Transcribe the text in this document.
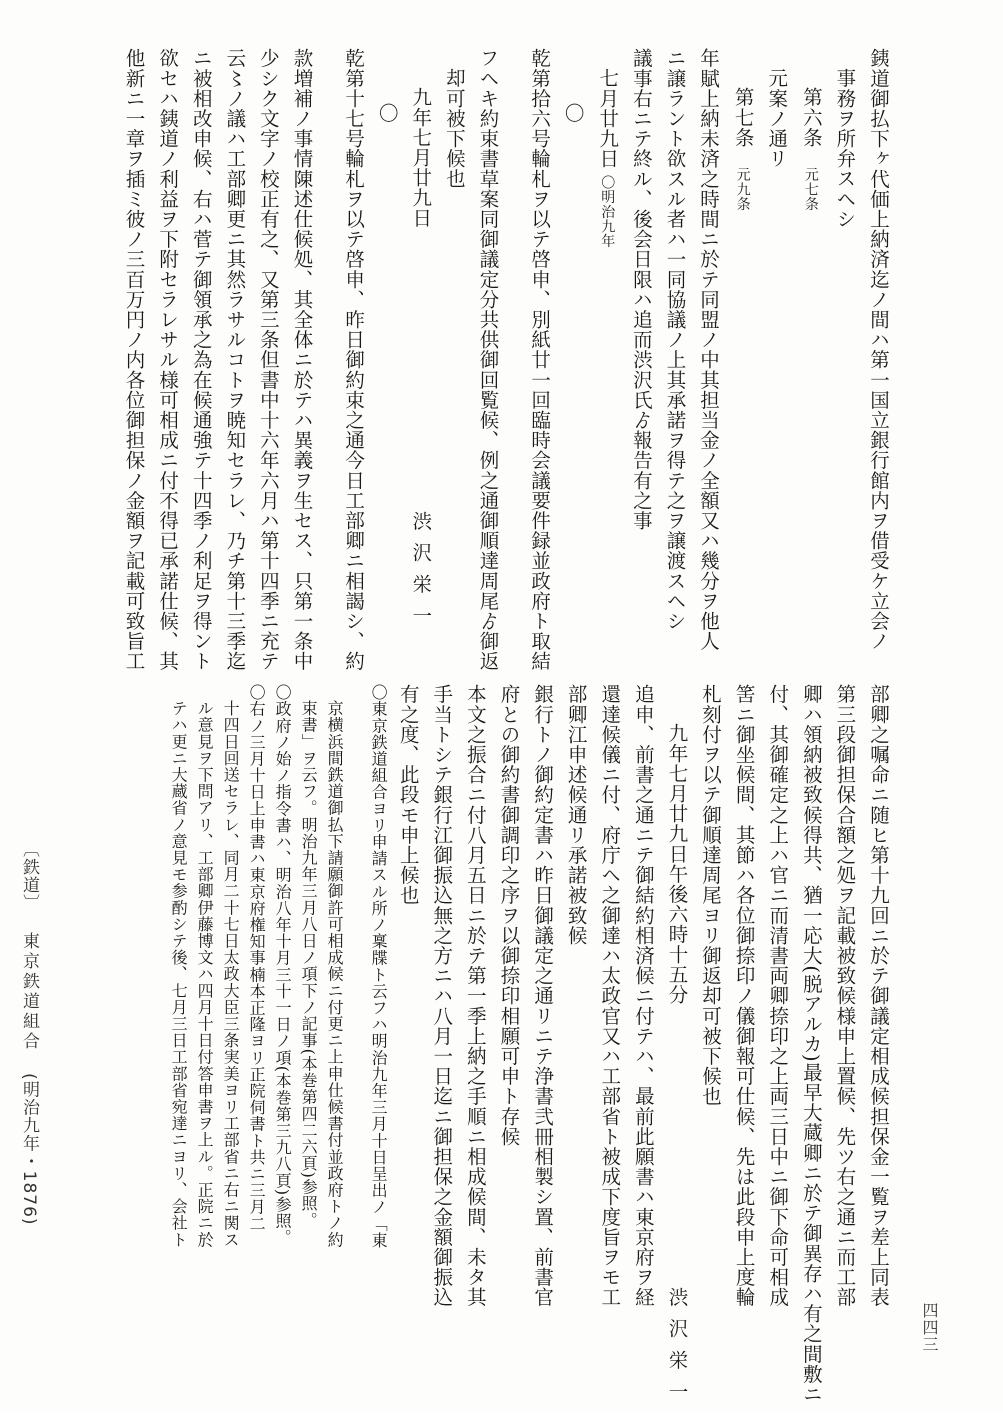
銕道御払下ヶ代価上納済迄ノ間ハ第一国立銀行館内ヲ借受ケ立会ノ
事務ヲ所弁スヘシ
第六条　元七条
元案ノ通リ
第七条　元九条
年賦上納未済之時間ニ於テ同盟ノ中其担当金ノ全額又ハ幾分ヲ他人
ニ譲ラント欲スル者ハ一同協議ノ上其承諾ヲ得テ之ヲ譲渡スヘシ
議事右ニテ終ル、後会日限ハ追而渋沢氏ゟ報告有之事
七月廿九日 〇明治九年
〇
乾第拾六号輪札ヲ以テ啓申、別紙廿一回臨時会議要件録並政府ト取結
フヘキ約束書草案同御議定分共供御回覧候、例之通御順達周尾ゟ御返
却可被下候也
九年七月廿九日渋沢栄一
〇
乾第十七号輪札ヲ以テ啓申、昨日御約束之通今日工部卿ニ相謁シ、約
款増補ノ事情陳述仕候処、其全体ニ於テハ異義ヲ生セス、只第一条中
少シク文字ノ校正有之、又第三条但書中十六年六月ハ第十四季ニ充テ
云〻ノ議ハ工部卿更ニ其然ラサルコトヲ暁知セラレ、乃チ第十三季迄
ニ被相改申候、右ハ菅テ御領承之為在候通強テ十四季ノ利足ヲ得ント
欲セハ銕道ノ利益ヲ下附セラレサル様可相成ニ付不得已承諾仕候、其
他新ニ一章ヲ插ミ彼ノ三百万円ノ内各位御担保ノ金額ヲ記載可致旨工
部卿之嘱命ニ随ヒ第十九回ニ於テ御議定相成候担保金一覧ヲ差上同表
第三段御担保合額之処ヲ記載被致候様申上置候、先ツ右之通ニ而工部
卿ハ領納被致候得共、猶一応大(脱アルカ)最早大蔵卿ニ於テ御異存ハ有之間敷ニ
付、其御確定之上ハ官ニ而清書両卿捺印之上両三日中ニ御下命可相成
筈ニ御坐候間、其節ハ各位御捺印ノ儀御報可仕候、先は此段申上度輪
札刻付ヲ以テ御順達周尾ヨリ御返却可被下候也
九年七月廿九日午後六時十五分渋沢栄一
追申、前書之通ニテ御結約相済候ニ付テハ、最前此願書ハ東京府ヲ経
還達候儀ニ付、府庁ヘ之御達ハ太政官又ハ工部省ト被成下度旨ヲモ工
部卿江申述候通リ承諾被致候
銀行トノ御約定書ハ昨日御議定之通リニテ浄書弐冊相製シ置、前書官
府との御約書御調印之序ヲ以御捺印相願可申ト存候
本文之振合ニ付八月五日ニ於テ第一季上納之手順ニ相成候間、未タ其
手当トシテ銀行江御振込無之方ニハ八月一日迄ニ御担保之金額御振込
有之度、此段モ申上候也
〇東京鉄道組合ヨリ申請スル所ノ稟牒ト云フハ明治九年三月十日呈出ノ「東
京横浜間鉄道御払下請願御許可相成候ニ付更ニ上申仕候書付並政府トノ約
束書」ヲ云フ。明治九年三月八日ノ項下ノ記事(本巻第四二六頁)参照。
〇政府ノ始ノ指令書ハ、明治八年十月三十一日ノ項(本巻第三九八頁)参照。
〇右ノ三月十日上申書ハ東京府権知事楠本正隆ヨリ正院伺書ト共ニ三月二
十四日回送セラレ、同月二十七日太政大臣三条実美ヨリ工部省ニ右ニ関ス
ル意見ヲ下問アリ、工部卿伊藤博文ハ四月十日付答申書ヲ上ル。正院ニ於
テハ更ニ大蔵省ノ意見モ参酌シテ後、七月三日工部省宛達ニヨリ、会社ト
〔鉄道〕 東京鉄道組合 (明治九年・1876)
四四三
